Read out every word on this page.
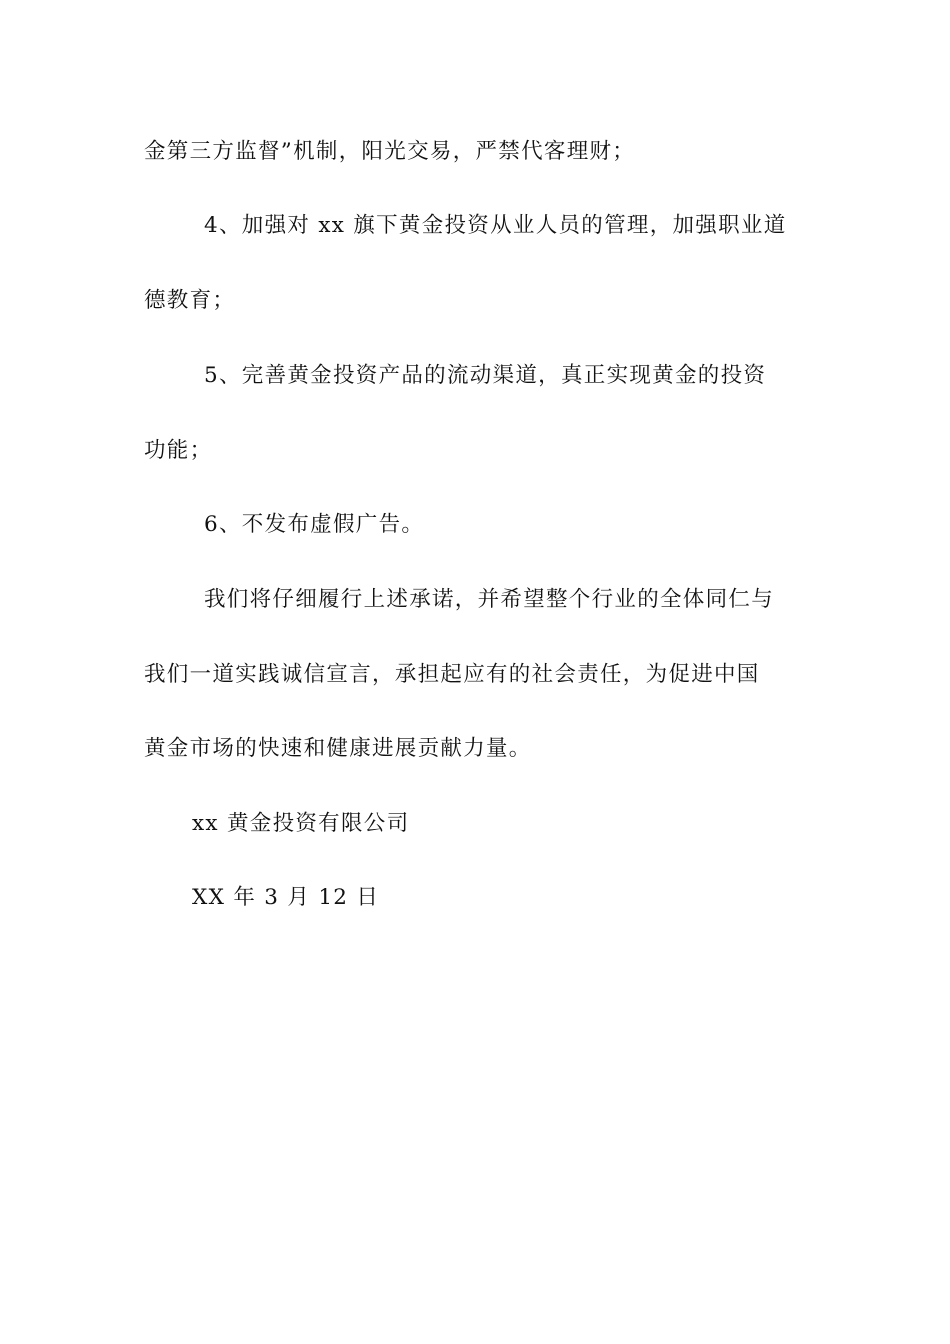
金第三方监督”机制，阳光交易，严禁代客理财；
4、加强对 xx 旗下黄金投资从业人员的管理，加强职业道
德教育；
5、完善黄金投资产品的流动渠道，真正实现黄金的投资
功能；
6、不发布虚假广告。
我们将仔细履行上述承诺，并希望整个行业的全体同仁与
我们一道实践诚信宣言，承担起应有的社会责任，为促进中国
黄金市场的快速和健康进展贡献力量。
xx 黄金投资有限公司
XX 年 3 月 12 日
